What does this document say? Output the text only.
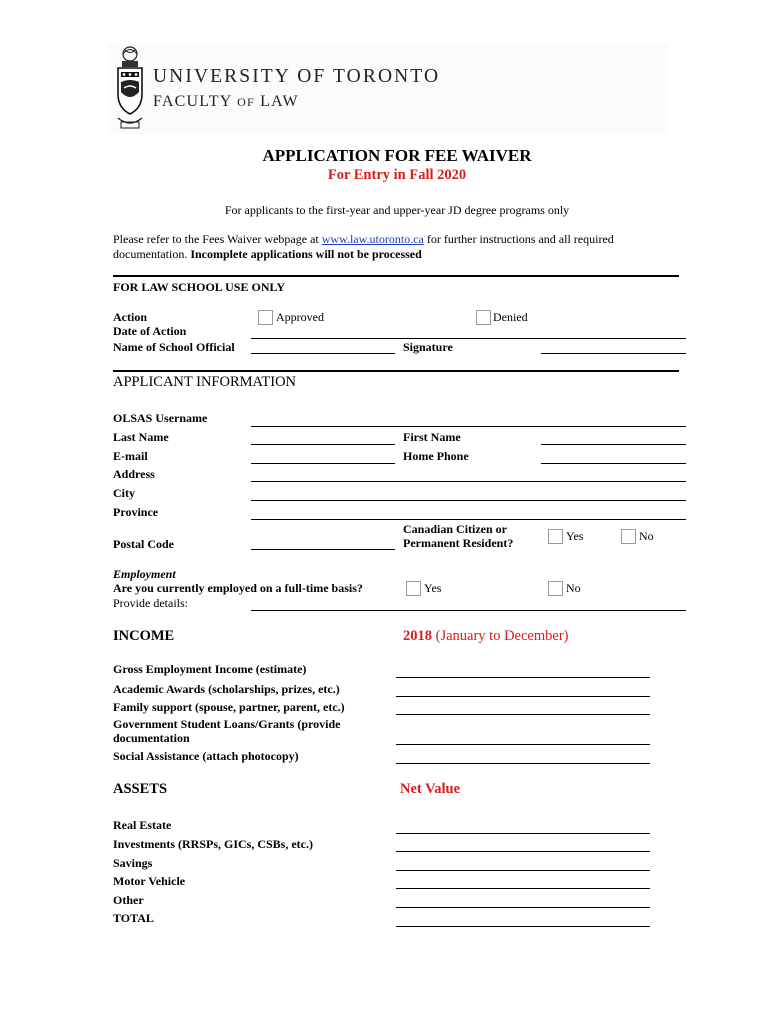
UNIVERSITY OF TORONTO
FACULTY OF LAW
APPLICATION FOR FEE WAIVER
For Entry in Fall 2020
For applicants to the first-year and upper-year JD degree programs only
Please refer to the Fees Waiver webpage at www.law.utoronto.ca for further instructions and all required
documentation. Incomplete applications will not be processed
FOR LAW SCHOOL USE ONLY
Action	Approved	Denied
Date of Action
Name of School Official	Signature
APPLICANT INFORMATION
OLSAS Username
Last Name	First Name
E-mail	Home Phone
Address
City
Province
Canadian Citizen or
Permanent Resident?	Yes	No
Postal Code
Employment
Are you currently employed on a full-time basis?	Yes	No
Provide details:
INCOME	2018 (January to December)
Gross Employment Income (estimate)
Academic Awards (scholarships, prizes, etc.)
Family support (spouse, partner, parent, etc.)
Government Student Loans/Grants (provide
documentation
Social Assistance (attach photocopy)
ASSETS	Net Value
Real Estate
Investments (RRSPs, GICs, CSBs, etc.)
Savings
Motor Vehicle
Other
TOTAL
